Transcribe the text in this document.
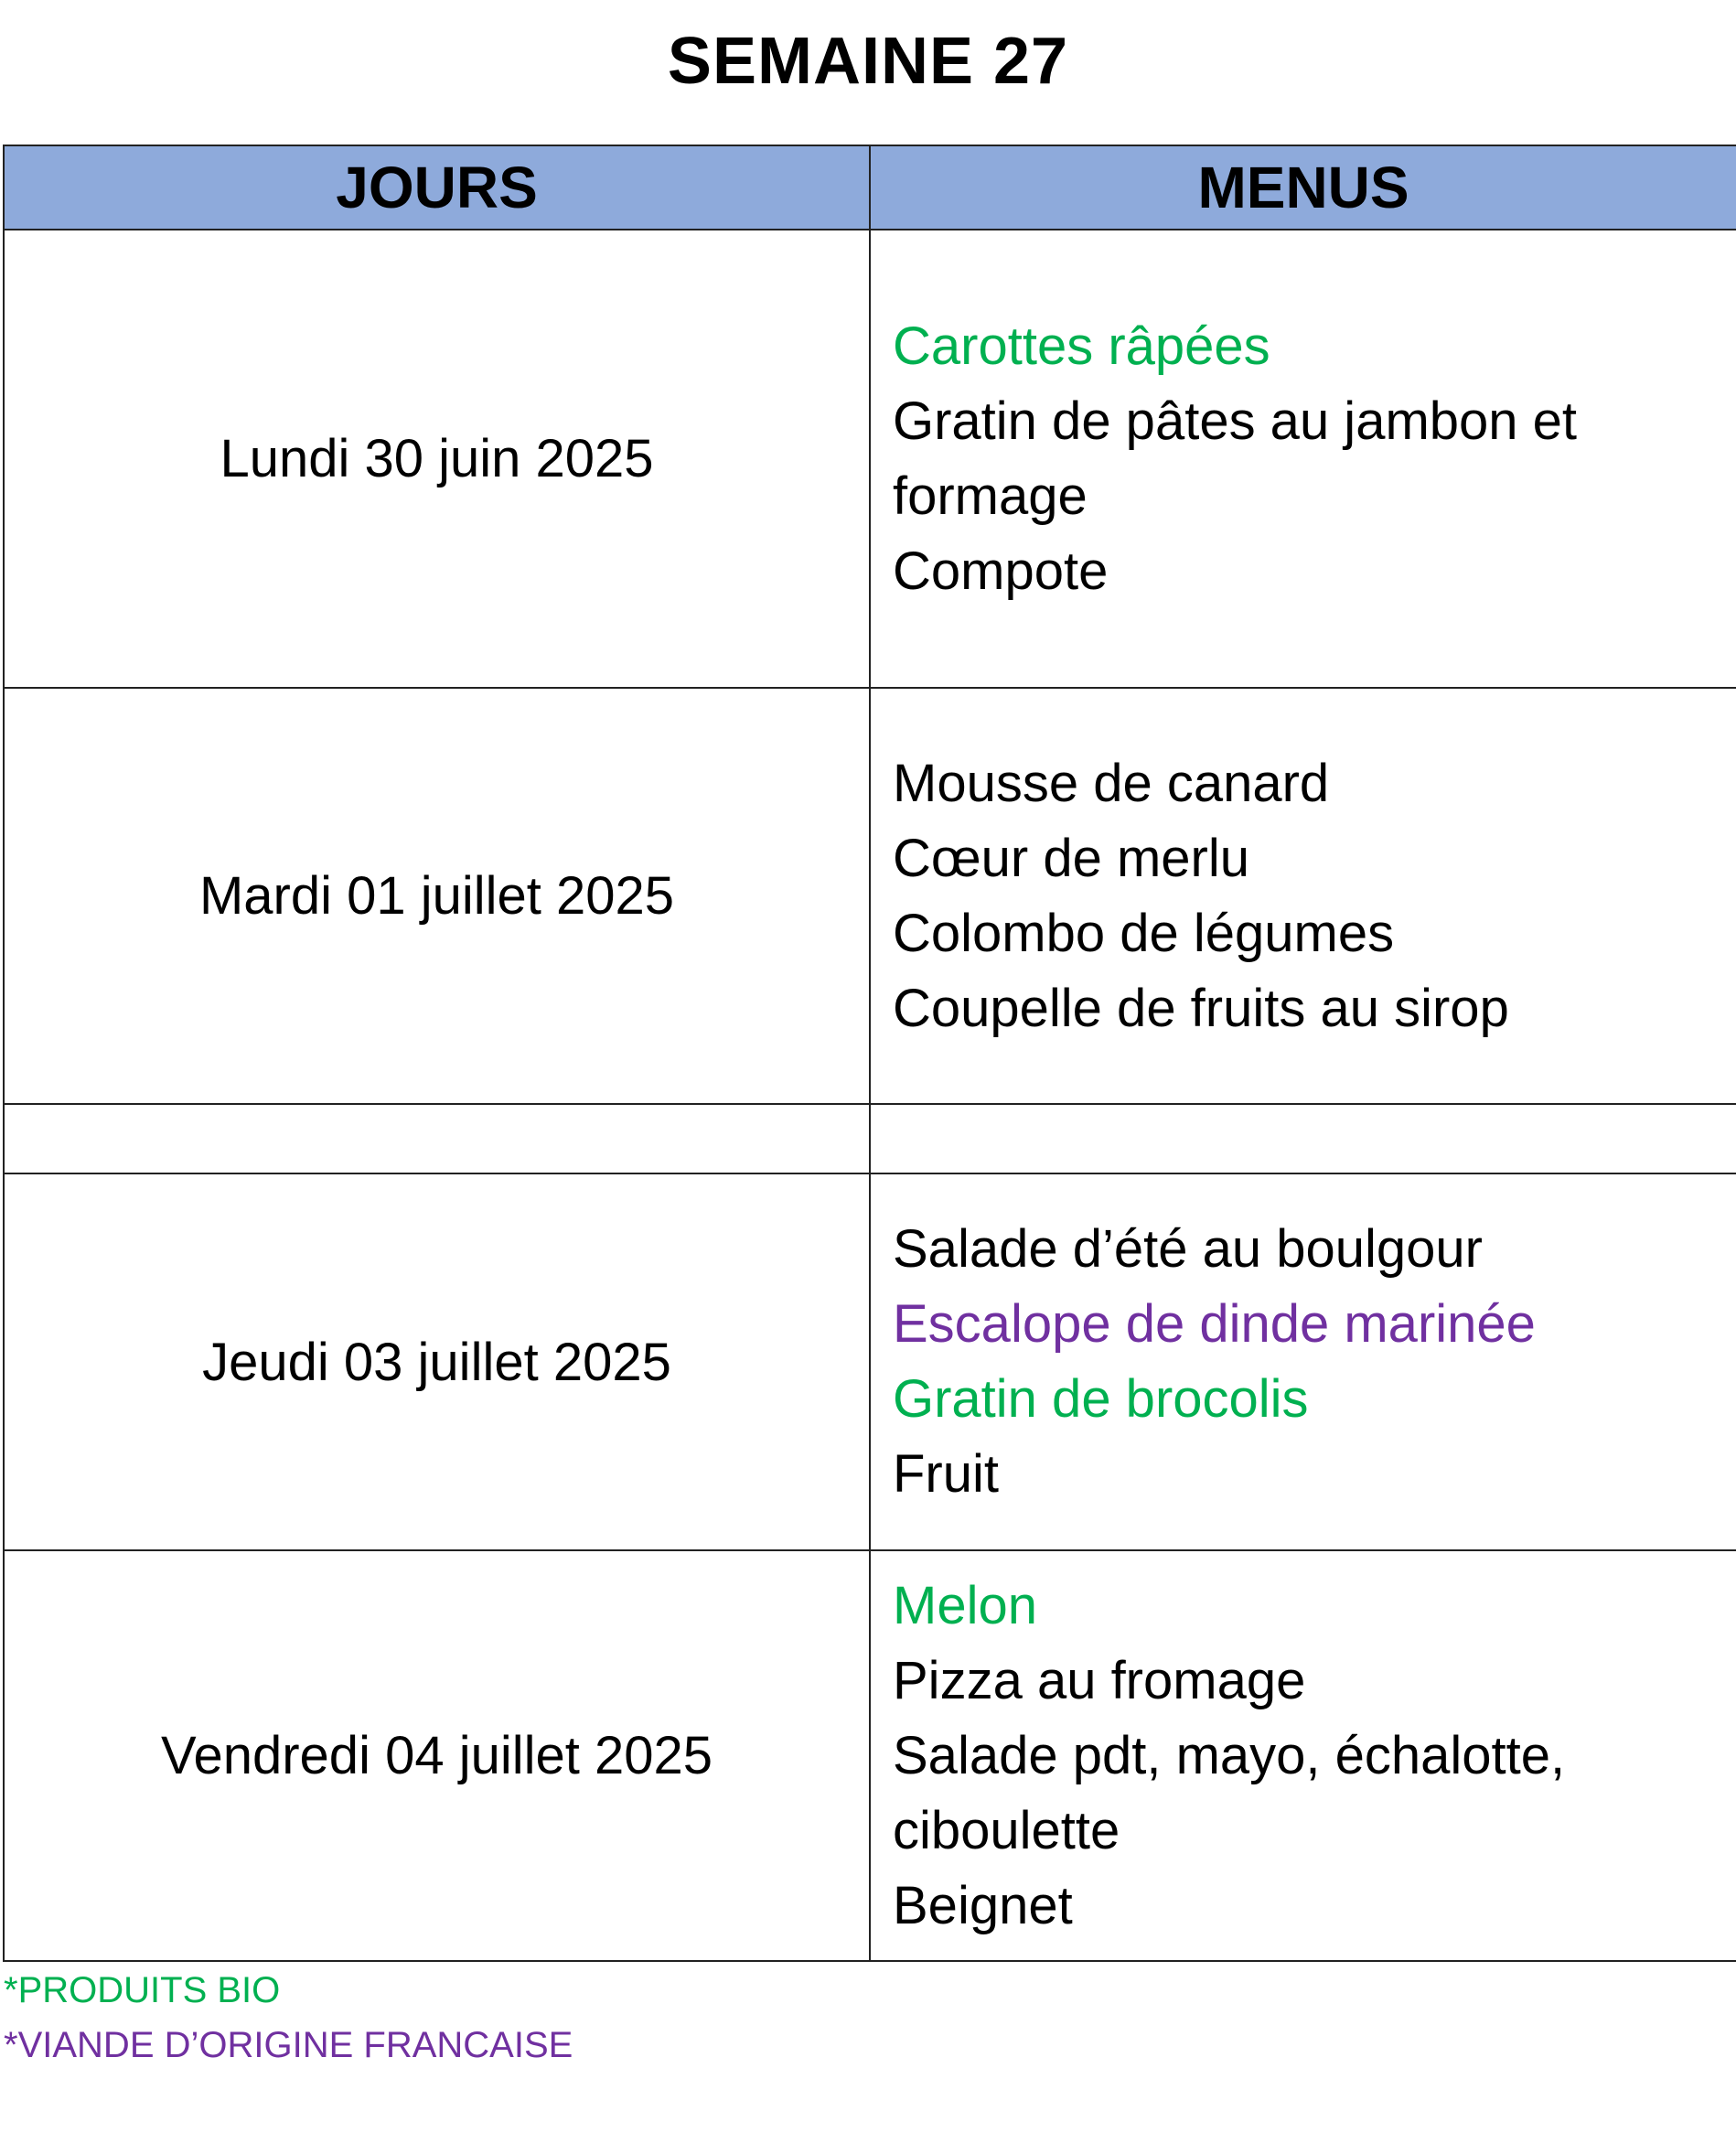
SEMAINE 27
JOURS	MENUS
Lundi 30 juin 2025	Carottes râpées
Gratin de pâtes au jambon et formage
Compote

Mardi 01 juillet 2025	Mousse de canard
Cœur de merlu
Colombo de légumes
Coupelle de fruits au sirop

Jeudi 03 juillet 2025	Salade d’été au boulgour
Escalope de dinde marinée
Gratin de brocolis
Fruit

Vendredi 04 juillet 2025	Melon
Pizza au fromage
Salade pdt, mayo, échalotte, ciboulette
Beignet
*PRODUITS BIO
*VIANDE D’ORIGINE FRANCAISE
